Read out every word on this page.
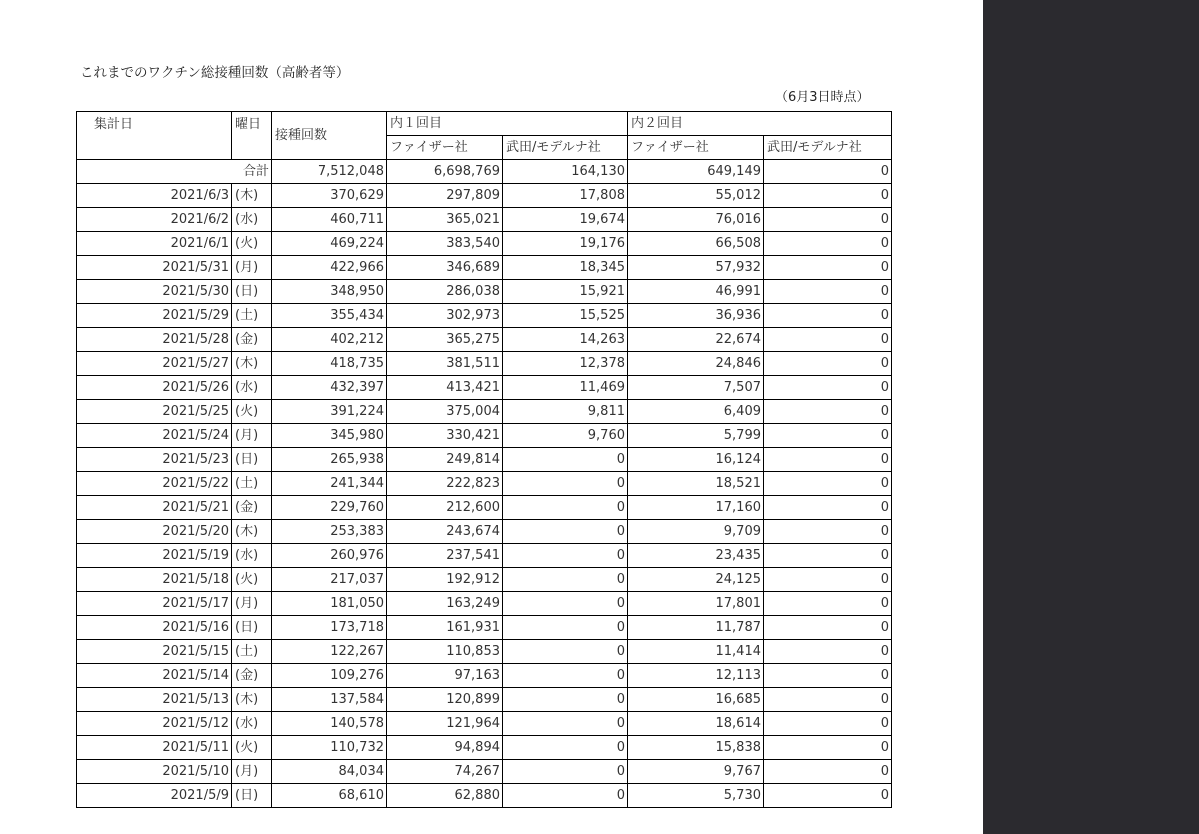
これまでのワクチン総接種回数（高齢者等）
（6月3日時点）
集計日	曜日	接種回数	内１回目		内２回目	
			ファイザー社	武田/モデルナ社	ファイザー社	武田/モデルナ社
合計		7,512,048	6,698,769	164,130	649,149	0
2021/6/3	(木)	370,629	297,809	17,808	55,012	0
2021/6/2	(水)	460,711	365,021	19,674	76,016	0
2021/6/1	(火)	469,224	383,540	19,176	66,508	0
2021/5/31	(月)	422,966	346,689	18,345	57,932	0
2021/5/30	(日)	348,950	286,038	15,921	46,991	0
2021/5/29	(土)	355,434	302,973	15,525	36,936	0
2021/5/28	(金)	402,212	365,275	14,263	22,674	0
2021/5/27	(木)	418,735	381,511	12,378	24,846	0
2021/5/26	(水)	432,397	413,421	11,469	7,507	0
2021/5/25	(火)	391,224	375,004	9,811	6,409	0
2021/5/24	(月)	345,980	330,421	9,760	5,799	0
2021/5/23	(日)	265,938	249,814	0	16,124	0
2021/5/22	(土)	241,344	222,823	0	18,521	0
2021/5/21	(金)	229,760	212,600	0	17,160	0
2021/5/20	(木)	253,383	243,674	0	9,709	0
2021/5/19	(水)	260,976	237,541	0	23,435	0
2021/5/18	(火)	217,037	192,912	0	24,125	0
2021/5/17	(月)	181,050	163,249	0	17,801	0
2021/5/16	(日)	173,718	161,931	0	11,787	0
2021/5/15	(土)	122,267	110,853	0	11,414	0
2021/5/14	(金)	109,276	97,163	0	12,113	0
2021/5/13	(木)	137,584	120,899	0	16,685	0
2021/5/12	(水)	140,578	121,964	0	18,614	0
2021/5/11	(火)	110,732	94,894	0	15,838	0
2021/5/10	(月)	84,034	74,267	0	9,767	0
2021/5/9	(日)	68,610	62,880	0	5,730	0
